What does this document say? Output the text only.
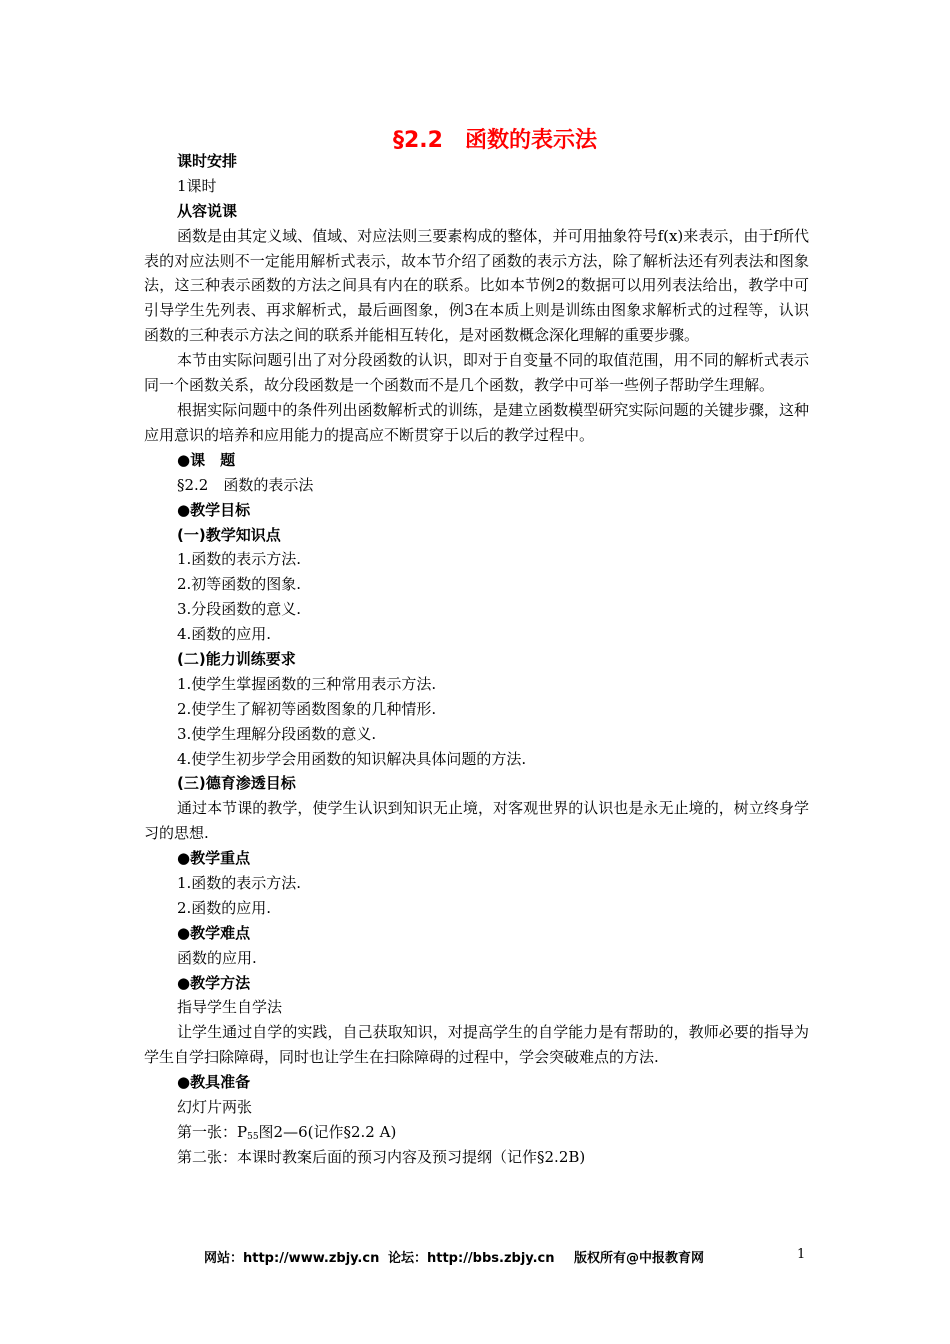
§2.2　函数的表示法
课时安排
1课时
从容说课
函数是由其定义域、值域、对应法则三要素构成的整体，并可用抽象符号f(x)来表示，由于f所代表的对应法则不一定能用解析式表示，故本节介绍了函数的表示方法，除了解析法还有列表法和图象法，这三种表示函数的方法之间具有内在的联系。比如本节例2的数据可以用列表法给出，教学中可引导学生先列表、再求解析式，最后画图象，例3在本质上则是训练由图象求解析式的过程等，认识函数的三种表示方法之间的联系并能相互转化，是对函数概念深化理解的重要步骤。
本节由实际问题引出了对分段函数的认识，即对于自变量不同的取值范围，用不同的解析式表示同一个函数关系，故分段函数是一个函数而不是几个函数，教学中可举一些例子帮助学生理解。
根据实际问题中的条件列出函数解析式的训练，是建立函数模型研究实际问题的关键步骤，这种应用意识的培养和应用能力的提高应不断贯穿于以后的教学过程中。
●课　题
§2.2　函数的表示法
●教学目标
(一)教学知识点
1.函数的表示方法.
2.初等函数的图象.
3.分段函数的意义.
4.函数的应用.
(二)能力训练要求
1.使学生掌握函数的三种常用表示方法.
2.使学生了解初等函数图象的几种情形.
3.使学生理解分段函数的意义.
4.使学生初步学会用函数的知识解决具体问题的方法.
(三)德育渗透目标
通过本节课的教学，使学生认识到知识无止境，对客观世界的认识也是永无止境的，树立终身学习的思想.
●教学重点
1.函数的表示方法.
2.函数的应用.
●教学难点
函数的应用.
●教学方法
指导学生自学法
让学生通过自学的实践，自己获取知识，对提高学生的自学能力是有帮助的，教师必要的指导为学生自学扫除障碍，同时也让学生在扫除障碍的过程中，学会突破难点的方法.
●教具准备
幻灯片两张
第一张：$P_{55}$图2—6(记作§2.2 A)
第二张：本课时教案后面的预习内容及预习提纲（记作§2.2B)
网站：http://www.zbjy.cn 论坛：http://bbs.zbjy.cn 版权所有@中报教育网	1
